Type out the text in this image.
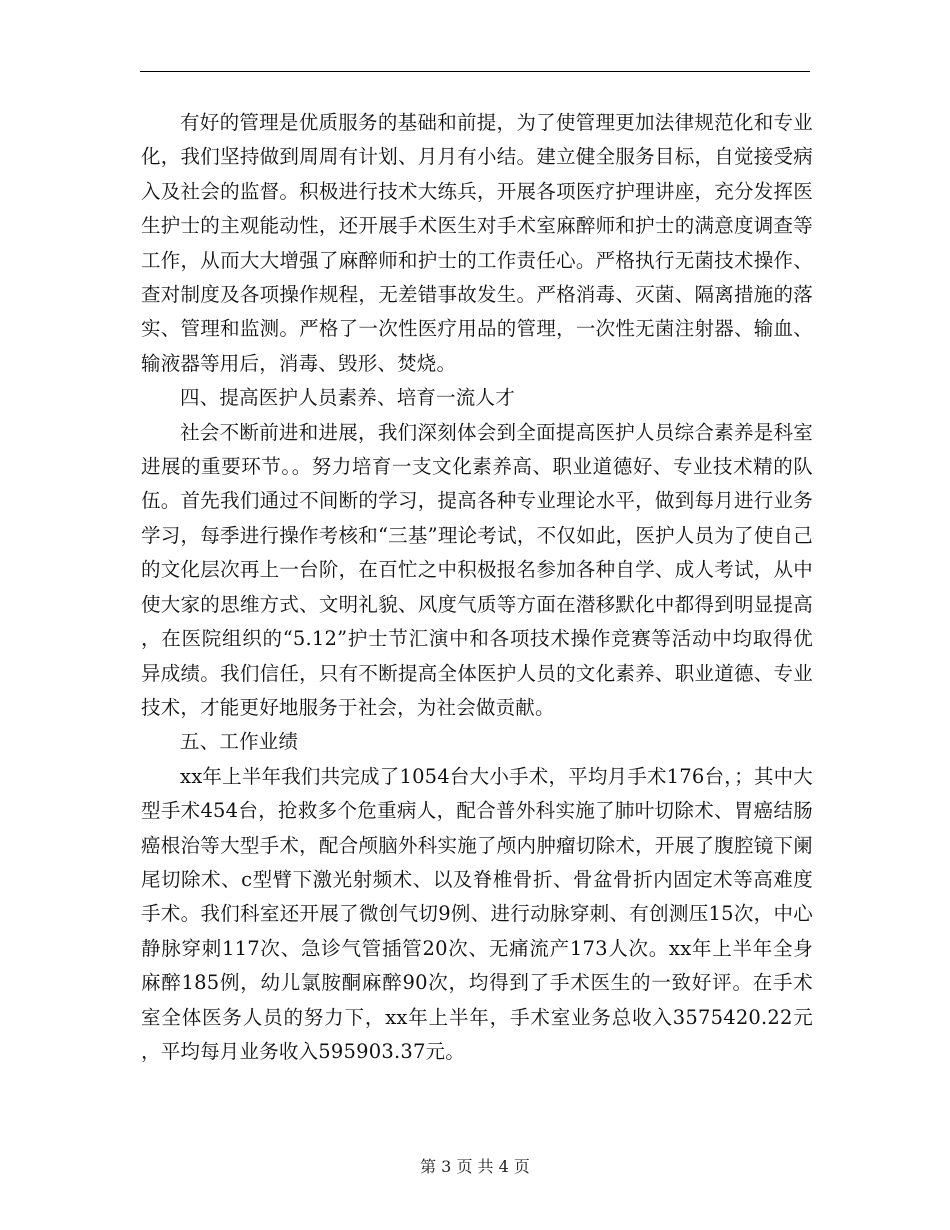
有好的管理是优质服务的基础和前提，为了使管理更加法律规范化和专业化，我们坚持做到周周有计划、月月有小结。建立健全服务目标，自觉接受病入及社会的监督。积极进行技术大练兵，开展各项医疗护理讲座，充分发挥医生护士的主观能动性，还开展手术医生对手术室麻醉师和护士的满意度调查等工作，从而大大增强了麻醉师和护士的工作责任心。严格执行无菌技术操作、查对制度及各项操作规程，无差错事故发生。严格消毒、灭菌、隔离措施的落实、管理和监测。严格了一次性医疗用品的管理，一次性无菌注射器、输血、输液器等用后，消毒、毁形、焚烧。

四、提高医护人员素养、培育一流人才

社会不断前进和进展，我们深刻体会到全面提高医护人员综合素养是科室进展的重要环节。。努力培育一支文化素养高、职业道德好、专业技术精的队伍。首先我们通过不间断的学习，提高各种专业理论水平，做到每月进行业务学习，每季进行操作考核和“三基”理论考试，不仅如此，医护人员为了使自己的文化层次再上一台阶，在百忙之中积极报名参加各种自学、成人考试，从中使大家的思维方式、文明礼貌、风度气质等方面在潜移默化中都得到明显提高，在医院组织的“5.12”护士节汇演中和各项技术操作竞赛等活动中均取得优异成绩。我们信任，只有不断提高全体医护人员的文化素养、职业道德、专业技术，才能更好地服务于社会，为社会做贡献。

五、工作业绩

xx年上半年我们共完成了1054台大小手术，平均月手术176台，；其中大型手术454台，抢救多个危重病人，配合普外科实施了肺叶切除术、胃癌结肠癌根治等大型手术，配合颅脑外科实施了颅内肿瘤切除术，开展了腹腔镜下阑尾切除术、c型臂下激光射频术、以及脊椎骨折、骨盆骨折内固定术等高难度手术。我们科室还开展了微创气切9例、进行动脉穿刺、有创测压15次，中心静脉穿刺117次、急诊气管插管20次、无痛流产173人次。xx年上半年全身麻醉185例，幼儿氯胺酮麻醉90次，均得到了手术医生的一致好评。在手术室全体医务人员的努力下，xx年上半年，手术室业务总收入3575420.22元，平均每月业务收入595903.37元。

第 3 页 共 4 页
